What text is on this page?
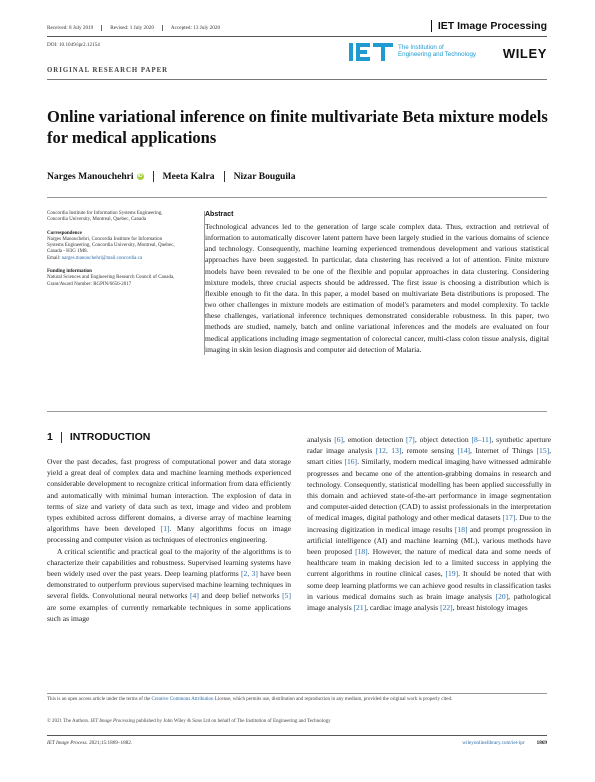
Received: 8 July 2019	Revised: 1 July 2020	Accepted: 13 July 2020	IET Image Processing
DOI: 10.1049/ipr2.12154	The Institution of
Engineering and Technology WILEY
ORIGINAL RESEARCH PAPER
Online variational inference on finite multivariate Beta mixture models for medical applications
Narges Manouchehri iD Meeta Kalra Nizar Bouguila

Concordia Institute for Information Systems Engineering, Concordia University, Montreal, Quebec, Canada

Correspondence

Narges Manouchehri, Concordia Institute for Information Systems Engineering, Concordia University, Montreal, Quebec, Canada - H3G 1M8.

Email: narges.manouchehri@mail.concordia.ca

Funding information

Natural Sciences and Engineering Research Council of Canada, Grant/Award Number: RGPIN/6656-2017

Abstract
Technological advances led to the generation of large scale complex data. Thus, extraction and retrieval of information to automatically discover latent pattern have been largely studied in the various domains of science and technology. Consequently, machine learning experienced tremendous development and various statistical approaches have been suggested. In particular, data clustering has received a lot of attention. Finite mixture models have been revealed to be one of the flexible and popular approaches in data clustering. Considering mixture models, three crucial aspects should be addressed. The first issue is choosing a distribution which is flexible enough to fit the data. In this paper, a model based on multivariate Beta distributions is proposed. The two other challenges in mixture models are estimation of model's parameters and model complexity. To tackle these challenges, variational inference techniques demonstrated considerable robustness. In this paper, two methods are studied, namely, batch and online variational inferences and the models are evaluated on four medical applications including image segmentation of colorectal cancer, multi-class colon tissue analysis, digital imaging in skin lesion diagnosis and computer aid detection of Malaria.
1 INTRODUCTION

Over the past decades, fast progress of computational power and data storage yield a great deal of complex data and machine learning methods experienced considerable development to recognize critical information from data efficiently and automatically with minimal human interaction. The explosion of data in terms of size and variety of data such as text, image and video and problem types exhibited across different domains, a diverse array of machine learning algorithms have been developed [1]. Many algorithms focus on image processing and computer vision as techniques of electronics engineering.

A critical scientific and practical goal to the majority of the algorithms is to characterize their capabilities and robustness. Supervised learning systems have been widely used over the past years. Deep learning platforms [2, 3] have been demonstrated to outperform previous supervised machine learning techniques in several fields. Convolutional neural networks [4] and deep belief networks [5] are some examples of currently remarkable techniques in some applications such as image

analysis [6], emotion detection [7], object detection [8–11], synthetic aperture radar image analysis [12, 13], remote sensing [14], Internet of Things [15], smart cities [16]. Similarly, modern medical imaging have witnessed admirable progresses and became one of the attention-grabbing domains in research and technology. Consequently, statistical modelling has been applied successfully in this domain and achieved state-of-the-art performance in image segmentation and computer-aided detection (CAD) to assist professionals in the interpretation of medical images, digital pathology and other medical datasets [17]. Due to the increasing digitization in medical image results [18] and prompt progression in artificial intelligence (AI) and machine learning (ML), various methods have been proposed [18]. However, the nature of medical data and some needs of healthcare team in making decision led to a limited success in applying the current algorithms in routine clinical cases, [19]. It should be noted that with some deep learning platforms we can achieve good results in classification tasks in various medical domains such as brain image analysis [20], pathological image analysis [21], cardiac image analysis [22], breast histology images

This is an open access article under the terms of the Creative Commons Attribution License, which permits use, distribution and reproduction in any medium, provided the original work is properly cited.
© 2021 The Authors. IET Image Processing published by John Wiley & Sons Ltd on behalf of The Institution of Engineering and Technology
IET Image Process. 2021;15:1869–1882.	wileyonlinelibrary.com/iet-ipr 1869
